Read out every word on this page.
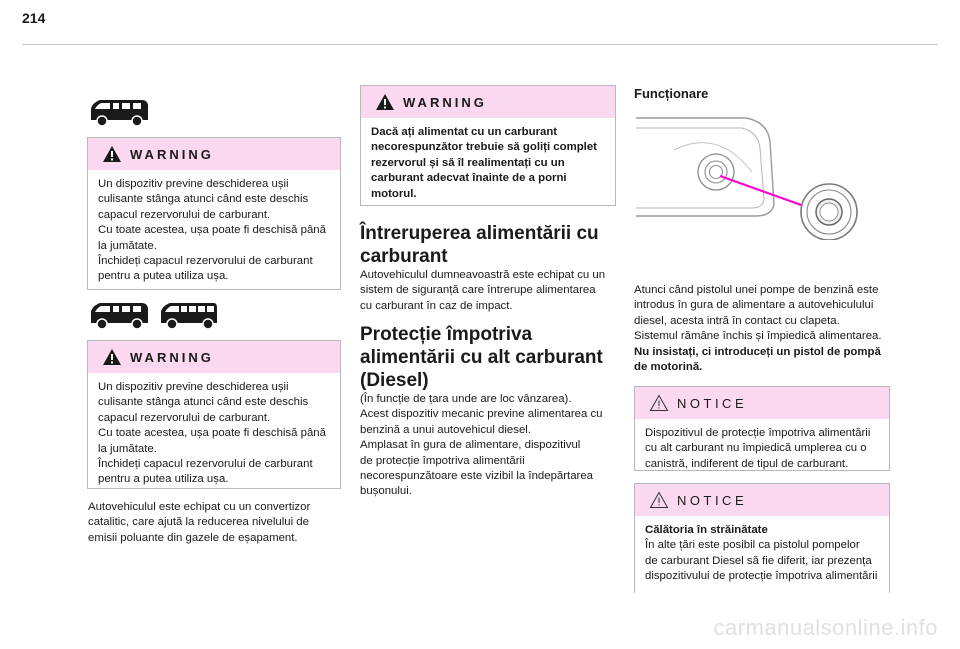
214
WARNING
Un dispozitiv previne deschiderea ușii
culisante stânga atunci când este deschis
capacul rezervorului de carburant.
Cu toate acestea, ușa poate fi deschisă până
la jumătate.
Închideți capacul rezervorului de carburant
pentru a putea utiliza ușa.
WARNING
Un dispozitiv previne deschiderea ușii
culisante stânga atunci când este deschis
capacul rezervorului de carburant.
Cu toate acestea, ușa poate fi deschisă până
la jumătate.
Închideți capacul rezervorului de carburant
pentru a putea utiliza ușa.
Autovehiculul este echipat cu un convertizor
catalitic, care ajută la reducerea nivelului de
emisii poluante din gazele de eșapament.
WARNING
Dacă ați alimentat cu un carburant
necorespunzător trebuie să goliți complet
rezervorul și să îl realimentați cu un
carburant adecvat înainte de a porni
motorul.
Întreruperea alimentării cu
carburant
Autovehiculul dumneavoastră este echipat cu un
sistem de siguranță care întrerupe alimentarea
cu carburant în caz de impact.
Protecție împotriva
alimentării cu alt carburant
(Diesel)
(În funcție de țara unde are loc vânzarea).
Acest dispozitiv mecanic previne alimentarea cu
benzină a unui autovehicul diesel.
Amplasat în gura de alimentare, dispozitivul
de protecție împotriva alimentării
necorespunzătoare este vizibil la îndepărtarea
bușonului.
Funcționare
Atunci când pistolul unei pompe de benzină este
introdus în gura de alimentare a autovehiculului
diesel, acesta intră în contact cu clapeta.
Sistemul rămâne închis și împiedică alimentarea.
Nu insistați, ci introduceți un pistol de pompă
de motorină.
NOTICE
Dispozitivul de protecție împotriva alimentării
cu alt carburant nu împiedică umplerea cu o
canistră, indiferent de tipul de carburant.
NOTICE
Călătoria în străinătate
În alte țări este posibil ca pistolul pompelor
de carburant Diesel să fie diferit, iar prezența
dispozitivului de protecție împotriva alimentării
carmanualsonline.info
